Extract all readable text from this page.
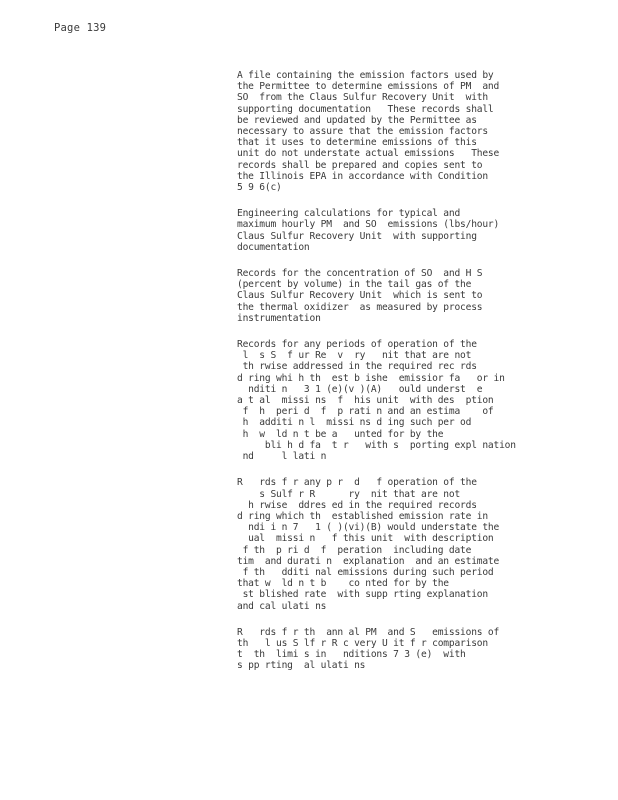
Page 139
A file containing the emission factors used by
the Permittee to determine emissions of PM  and
SO  from the Claus Sulfur Recovery Unit  with
supporting documentation   These records shall
be reviewed and updated by the Permittee as
necessary to assure that the emission factors
that it uses to determine emissions of this
unit do not understate actual emissions   These
records shall be prepared and copies sent to
the Illinois EPA in accordance with Condition
5 9 6(c)
Engineering calculations for typical and
maximum hourly PM  and SO  emissions (lbs/hour)
Claus Sulfur Recovery Unit  with supporting
documentation
Records for the concentration of SO  and H S
(percent by volume) in the tail gas of the
Claus Sulfur Recovery Unit  which is sent to
the thermal oxidizer  as measured by process
instrumentation
Records for any periods of operation of the
l  s S  f ur Re  v  ry   nit that are not
th rwise addressed in the required rec rds
d ring whi h th  est b ishe  emissior fa   or in
nditi n   3 1 (e)(v )(A)   ould underst  e
a t al  missi ns  f  his unit  with des  ption
f  h  peri d  f  p rati n and an estima    of
h  additi n l  missi ns d ing such per od
h  w  ld n t be a   unted for by the
bli h d fa  t r   with s  porting expl nation
nd     l lati n
R   rds f r any p r  d   f operation of the
s Sulf r R      ry  nit that are not
h rwise  ddres ed in the required records
d ring which th  established emission rate in
ndi i n 7   1 ( )(vi)(B) would understate the
ual  missi n   f this unit  with description
f th  p ri d  f  peration  including date
tim  and durati n  explanation  and an estimate
f th   dditi nal emissions during such period
that w  ld n t b    co nted for by the
st blished rate  with supp rting explanation
and cal ulati ns
R   rds f r th  ann al PM  and S   emissions of
th   l us S lf r R c very U it f r comparison
t  th  limi s in   nditions 7 3 (e)  with
s pp rting  al ulati ns
